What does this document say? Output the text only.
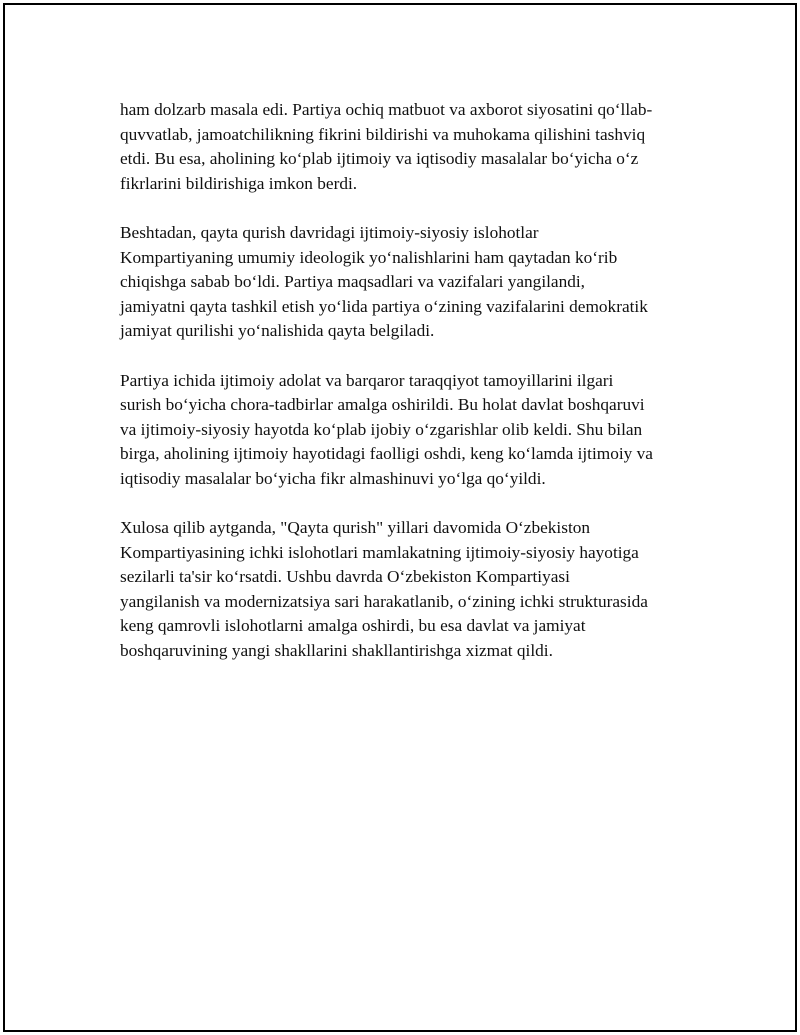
ham dolzarb masala edi. Partiya ochiq matbuot va axborot siyosatini qo‘llab-
quvvatlab, jamoatchilikning fikrini bildirishi va muhokama qilishini tashviq
etdi. Bu esa, aholining ko‘plab ijtimoiy va iqtisodiy masalalar bo‘yicha o‘z
fikrlarini bildirishiga imkon berdi.

Beshtadan, qayta qurish davridagi ijtimoiy-siyosiy islohotlar
Kompartiyaning umumiy ideologik yo‘nalishlarini ham qaytadan ko‘rib
chiqishga sabab bo‘ldi. Partiya maqsadlari va vazifalari yangilandi,
jamiyatni qayta tashkil etish yo‘lida partiya o‘zining vazifalarini demokratik
jamiyat qurilishi yo‘nalishida qayta belgiladi.

Partiya ichida ijtimoiy adolat va barqaror taraqqiyot tamoyillarini ilgari
surish bo‘yicha chora-tadbirlar amalga oshirildi. Bu holat davlat boshqaruvi
va ijtimoiy-siyosiy hayotda ko‘plab ijobiy o‘zgarishlar olib keldi. Shu bilan
birga, aholining ijtimoiy hayotidagi faolligi oshdi, keng ko‘lamda ijtimoiy va
iqtisodiy masalalar bo‘yicha fikr almashinuvi yo‘lga qo‘yildi.

Xulosa qilib aytganda, "Qayta qurish" yillari davomida O‘zbekiston
Kompartiyasining ichki islohotlari mamlakatning ijtimoiy-siyosiy hayotiga
sezilarli ta'sir ko‘rsatdi. Ushbu davrda O‘zbekiston Kompartiyasi
yangilanish va modernizatsiya sari harakatlanib, o‘zining ichki strukturasida
keng qamrovli islohotlarni amalga oshirdi, bu esa davlat va jamiyat
boshqaruvining yangi shakllarini shakllantirishga xizmat qildi.
